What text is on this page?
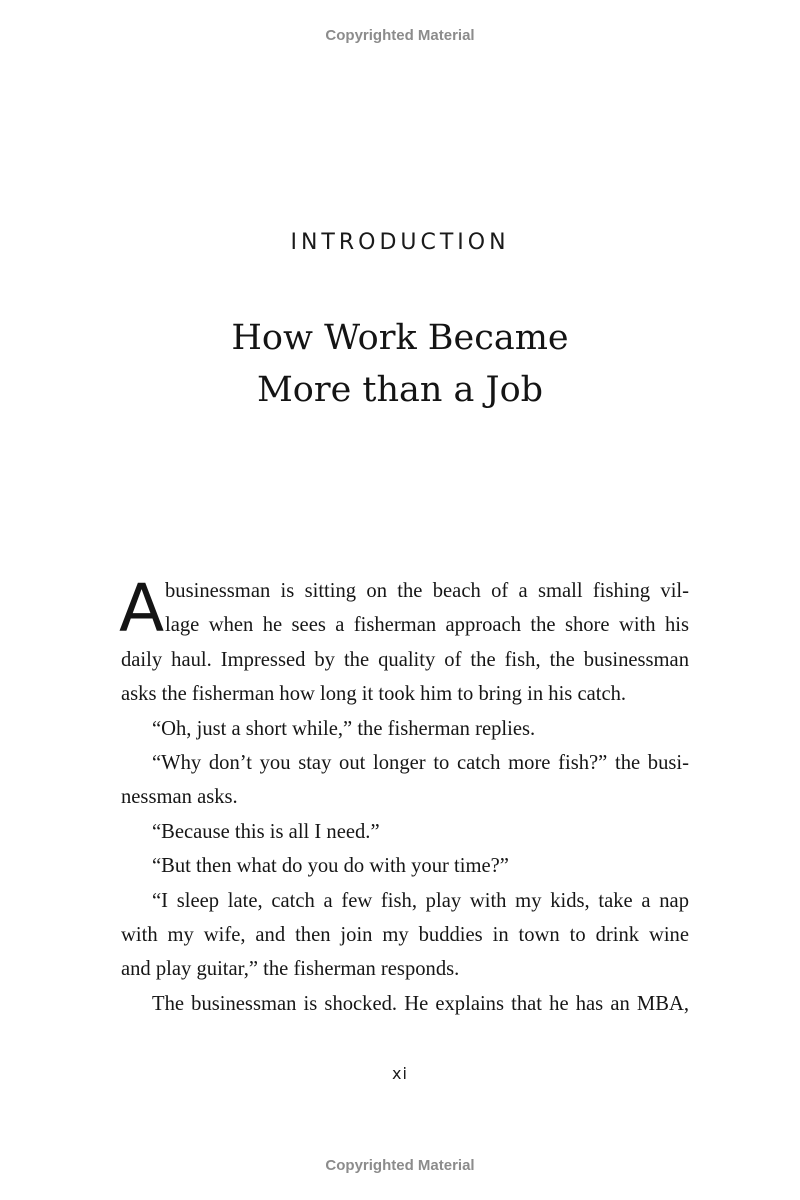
Copyrighted Material
INTRODUCTION
How Work Became
More than a Job
A businessman is sitting on the beach of a small fishing vil-
lage when he sees a fisherman approach the shore with his
daily haul. Impressed by the quality of the fish, the businessman
asks the fisherman how long it took him to bring in his catch.
“Oh, just a short while,” the fisherman replies.
“Why don’t you stay out longer to catch more fish?” the busi-
nessman asks.
“Because this is all I need.”
“But then what do you do with your time?”
“I sleep late, catch a few fish, play with my kids, take a nap
with my wife, and then join my buddies in town to drink wine
and play guitar,” the fisherman responds.
The businessman is shocked. He explains that he has an MBA,
xi
Copyrighted Material
